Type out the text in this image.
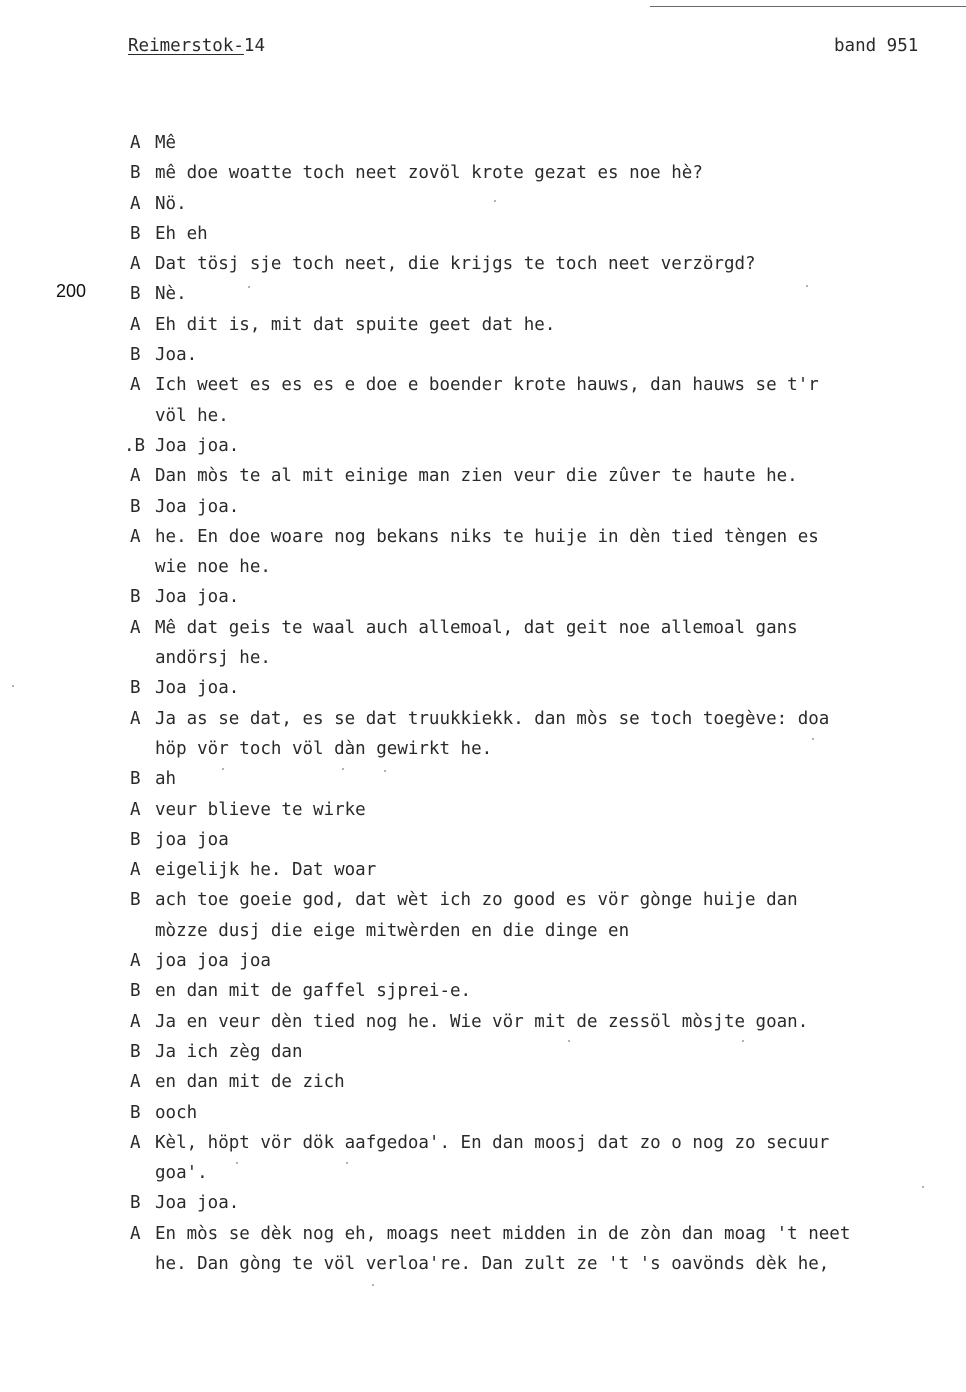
Reimerstok-14	band 951
200
A Mê
B mê doe woatte toch neet zovöl krote gezat es noe hè?
A Nö.
B Eh eh
A Dat tösj sje toch neet, die krijgs te toch neet verzörgd?
B Nè.
A Eh dit is, mit dat spuite geet dat he.
B Joa.
A Ich weet es es es e doe e boender krote hauws, dan hauws se t'r
völ he.
.B Joa joa.
A Dan mòs te al mit einige man zien veur die zûver te haute he.
B Joa joa.
A he. En doe woare nog bekans niks te huije in dèn tied tèngen es
wie noe he.
B Joa joa.
A Mê dat geis te waal auch allemoal, dat geit noe allemoal gans
andörsj he.
B Joa joa.
A Ja as se dat, es se dat truukkiekk. dan mòs se toch toegève: doa
höp vör toch völ dàn gewirkt he.
B ah
A veur blieve te wirke
B joa joa
A eigelijk he. Dat woar
B ach toe goeie god, dat wèt ich zo good es vör gònge huije dan
mòzze dusj die eige mitwèrden en die dinge en
A joa joa joa
B en dan mit de gaffel sjprei-e.
A Ja en veur dèn tied nog he. Wie vör mit de zessöl mòsjte goan.
B Ja ich zèg dan
A en dan mit de zich
B ooch
A Kèl, höpt vör dök aafgedoa'. En dan moosj dat zo o nog zo secuur
goa'.
B Joa joa.
A En mòs se dèk nog eh, moags neet midden in de zòn dan moag 't neet
he. Dan gòng te völ verloa're. Dan zult ze 't 's oavönds dèk he,
